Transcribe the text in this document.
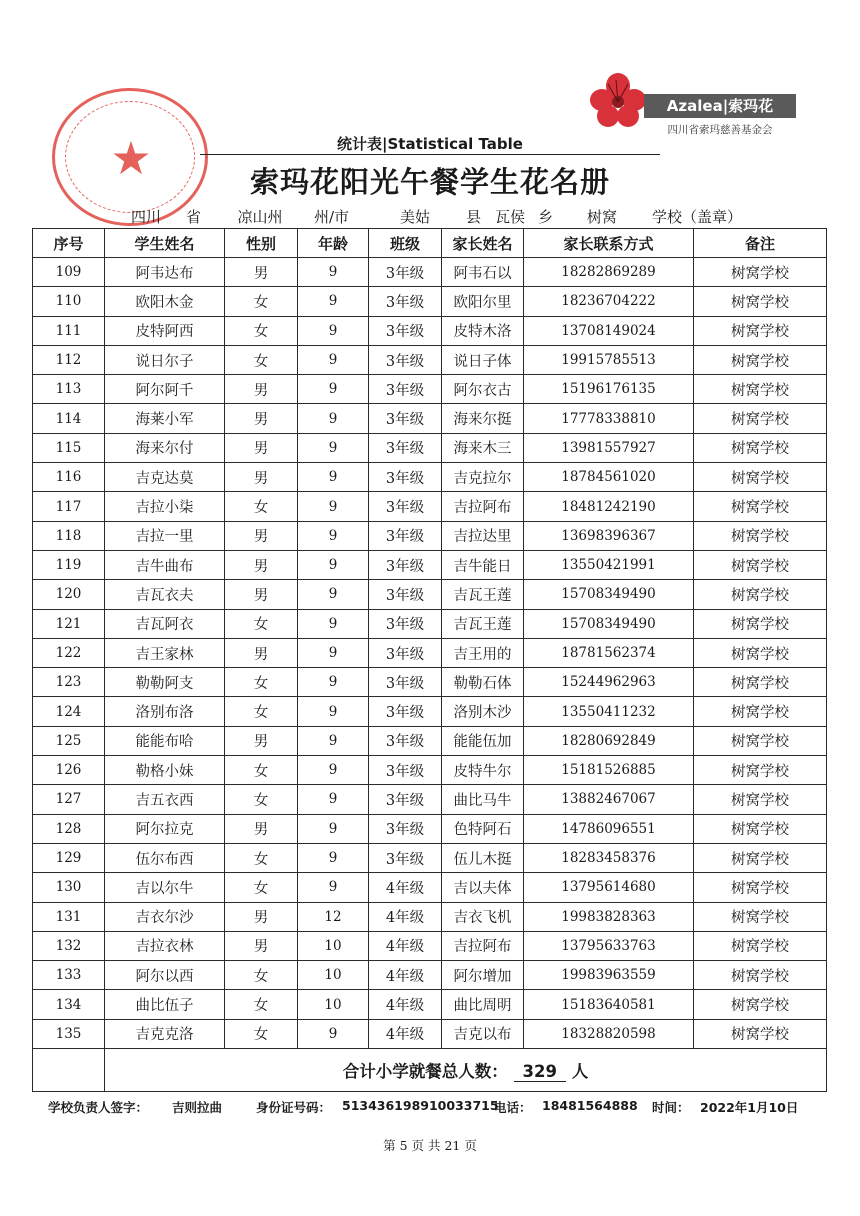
★
Azalea|索玛花
四川省索玛慈善基金会
统计表|Statistical Table
索玛花阳光午餐学生花名册
四川	省	凉山州	州/市	美姑	县 瓦侯 乡	树窝	学校（盖章）
序号	学生姓名	性别	年龄	班级	家长姓名	家长联系方式	备注
109	阿韦达布	男	9	3年级	阿韦石以	18282869289	树窝学校
110	欧阳木金	女	9	3年级	欧阳尔里	18236704222	树窝学校
111	皮特阿西	女	9	3年级	皮特木洛	13708149024	树窝学校
112	说日尔子	女	9	3年级	说日子体	19915785513	树窝学校
113	阿尔阿千	男	9	3年级	阿尔衣古	15196176135	树窝学校
114	海莱小军	男	9	3年级	海来尔挺	17778338810	树窝学校
115	海来尔付	男	9	3年级	海来木三	13981557927	树窝学校
116	吉克达莫	男	9	3年级	吉克拉尔	18784561020	树窝学校
117	吉拉小柒	女	9	3年级	吉拉阿布	18481242190	树窝学校
118	吉拉一里	男	9	3年级	吉拉达里	13698396367	树窝学校
119	吉牛曲布	男	9	3年级	吉牛能日	13550421991	树窝学校
120	吉瓦衣夫	男	9	3年级	吉瓦王莲	15708349490	树窝学校
121	吉瓦阿衣	女	9	3年级	吉瓦王莲	15708349490	树窝学校
122	吉王家林	男	9	3年级	吉王用的	18781562374	树窝学校
123	勒勒阿支	女	9	3年级	勒勒石体	15244962963	树窝学校
124	洛别布洛	女	9	3年级	洛别木沙	13550411232	树窝学校
125	能能布哈	男	9	3年级	能能伍加	18280692849	树窝学校
126	勒格小妹	女	9	3年级	皮特牛尔	15181526885	树窝学校
127	吉五衣西	女	9	3年级	曲比马牛	13882467067	树窝学校
128	阿尔拉克	男	9	3年级	色特阿石	14786096551	树窝学校
129	伍尔布西	女	9	3年级	伍儿木挺	18283458376	树窝学校
130	吉以尔牛	女	9	4年级	吉以夫体	13795614680	树窝学校
131	吉衣尔沙	男	12	4年级	吉衣飞机	19983828363	树窝学校
132	吉拉衣林	男	10	4年级	吉拉阿布	13795633763	树窝学校
133	阿尔以西	女	10	4年级	阿尔增加	19983963559	树窝学校
134	曲比伍子	女	10	4年级	曲比周明	15183640581	树窝学校
135	吉克克洛	女	9	4年级	吉克以布	18328820598	树窝学校
	合计小学就餐总人数： 329 人						
学校负责人签字： 吉则拉曲	身份证号码： 513436198910033715
电话： 18481564888 时间： 2022年1月10日
第 5 页 共 21 页
